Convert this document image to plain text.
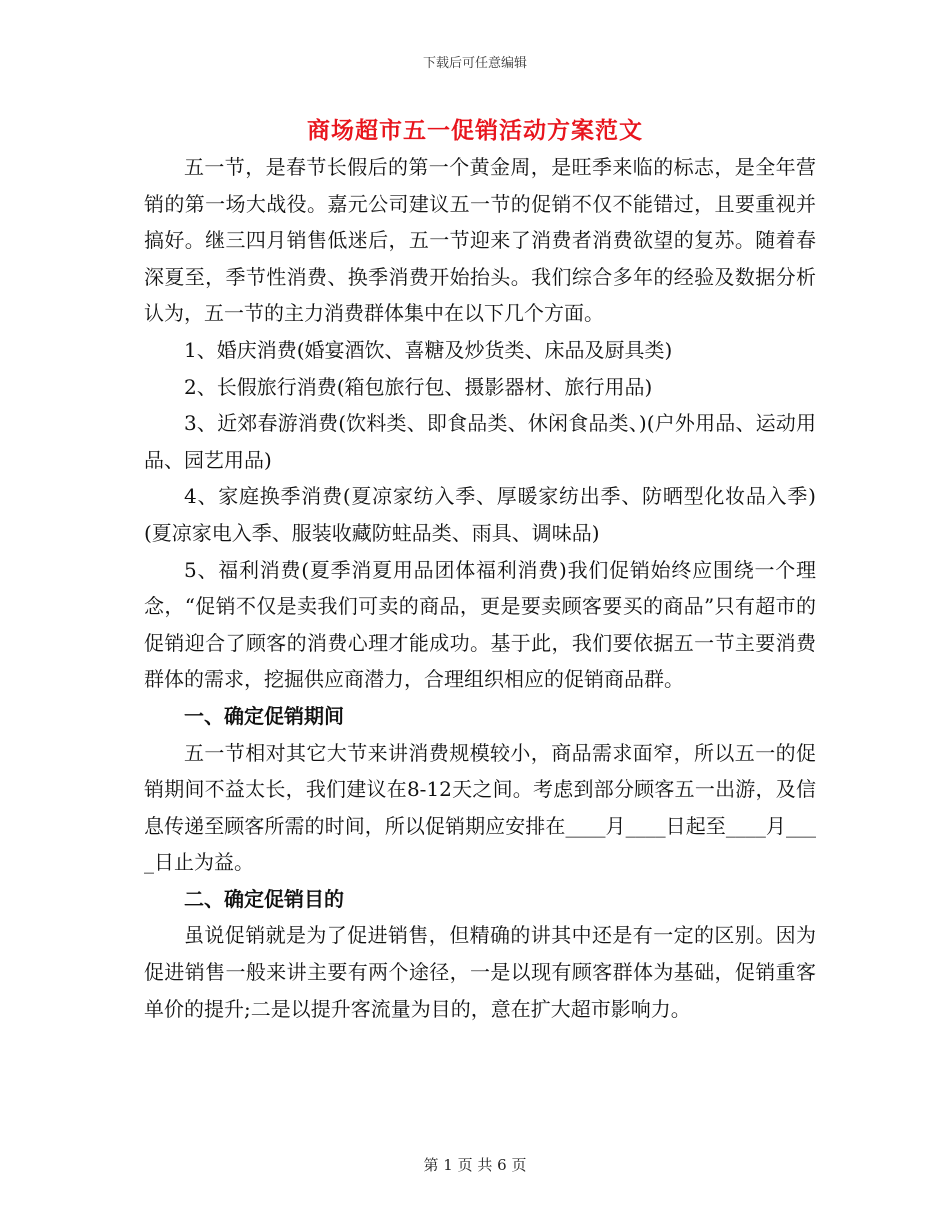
下载后可任意编辑
商场超市五一促销活动方案范文

五一节，是春节长假后的第一个黄金周，是旺季来临的标志，是全年营销的第一场大战役。嘉元公司建议五一节的促销不仅不能错过，且要重视并搞好。继三四月销售低迷后，五一节迎来了消费者消费欲望的复苏。随着春深夏至，季节性消费、换季消费开始抬头。我们综合多年的经验及数据分析认为，五一节的主力消费群体集中在以下几个方面。

1、婚庆消费(婚宴酒饮、喜糖及炒货类、床品及厨具类)

2、长假旅行消费(箱包旅行包、摄影器材、旅行用品)

3、近郊春游消费(饮料类、即食品类、休闲食品类、)(户外用品、运动用品、园艺用品)

4、家庭换季消费(夏凉家纺入季、厚暖家纺出季、防晒型化妆品入季)(夏凉家电入季、服装收藏防蛀品类、雨具、调味品)

5、福利消费(夏季消夏用品团体福利消费)我们促销始终应围绕一个理念，“促销不仅是卖我们可卖的商品，更是要卖顾客要买的商品”只有超市的促销迎合了顾客的消费心理才能成功。基于此，我们要依据五一节主要消费群体的需求，挖掘供应商潜力，合理组织相应的促销商品群。

一、确定促销期间

五一节相对其它大节来讲消费规模较小，商品需求面窄，所以五一的促销期间不益太长，我们建议在8-12天之间。考虑到部分顾客五一出游，及信息传递至顾客所需的时间，所以促销期应安排在____月____日起至____月____日止为益。

二、确定促销目的

虽说促销就是为了促进销售，但精确的讲其中还是有一定的区别。因为促进销售一般来讲主要有两个途径，一是以现有顾客群体为基础，促销重客单价的提升;二是以提升客流量为目的，意在扩大超市影响力。

第 1 页 共 6 页
